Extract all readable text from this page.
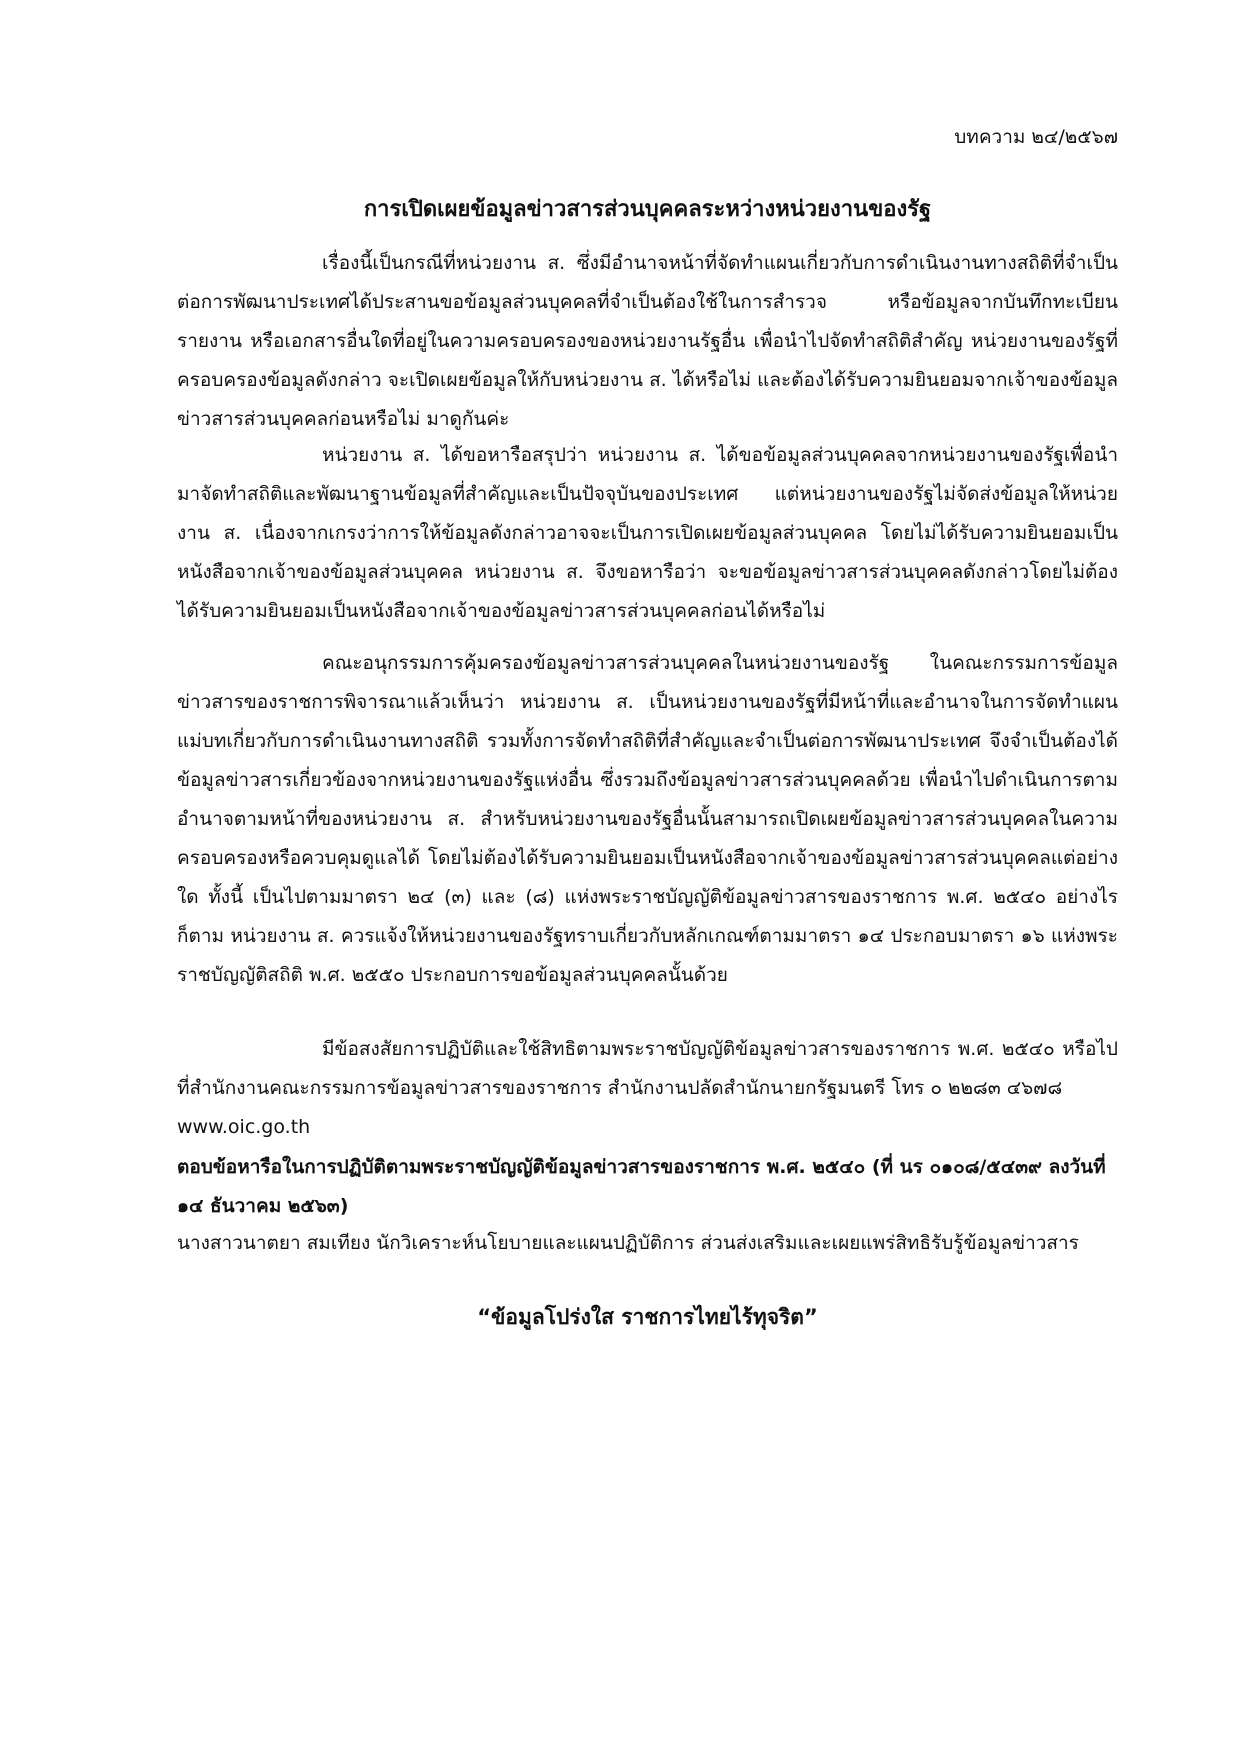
บทความ ๒๔/๒๕๖๗
การเปิดเผยข้อมูลข่าวสารส่วนบุคคลระหว่างหน่วยงานของรัฐ

เรื่องนี้เป็นกรณีที่หน่วยงาน ส. ซึ่งมีอำนาจหน้าที่จัดทำแผนเกี่ยวกับการดำเนินงานทางสถิติที่จำเป็นต่อการพัฒนาประเทศได้ประสานขอข้อมูลส่วนบุคคลที่จำเป็นต้องใช้ในการสำรวจ หรือข้อมูลจากบันทึกทะเบียน รายงาน หรือเอกสารอื่นใดที่อยู่ในความครอบครองของหน่วยงานรัฐอื่น เพื่อนำไปจัดทำสถิติสำคัญ หน่วยงานของรัฐที่ครอบครองข้อมูลดังกล่าว จะเปิดเผยข้อมูลให้กับหน่วยงาน ส. ได้หรือไม่ และต้องได้รับความยินยอมจากเจ้าของข้อมูลข่าวสารส่วนบุคคลก่อนหรือไม่ มาดูกันค่ะ

หน่วยงาน ส. ได้ขอหารือสรุปว่า หน่วยงาน ส. ได้ขอข้อมูลส่วนบุคคลจากหน่วยงานของรัฐเพื่อนำมาจัดทำสถิติและพัฒนาฐานข้อมูลที่สำคัญและเป็นปัจจุบันของประเทศ แต่หน่วยงานของรัฐไม่จัดส่งข้อมูลให้หน่วยงาน ส. เนื่องจากเกรงว่าการให้ข้อมูลดังกล่าวอาจจะเป็นการเปิดเผยข้อมูลส่วนบุคคล โดยไม่ได้รับความยินยอมเป็นหนังสือจากเจ้าของข้อมูลส่วนบุคคล หน่วยงาน ส. จึงขอหารือว่า จะขอข้อมูลข่าวสารส่วนบุคคลดังกล่าวโดยไม่ต้องได้รับความยินยอมเป็นหนังสือจากเจ้าของข้อมูลข่าวสารส่วนบุคคลก่อนได้หรือไม่

คณะอนุกรรมการคุ้มครองข้อมูลข่าวสารส่วนบุคคลในหน่วยงานของรัฐ ในคณะกรรมการข้อมูลข่าวสารของราชการพิจารณาแล้วเห็นว่า หน่วยงาน ส. เป็นหน่วยงานของรัฐที่มีหน้าที่และอำนาจในการจัดทำแผนแม่บทเกี่ยวกับการดำเนินงานทางสถิติ รวมทั้งการจัดทำสถิติที่สำคัญและจำเป็นต่อการพัฒนาประเทศ จึงจำเป็นต้องได้ข้อมูลข่าวสารเกี่ยวข้องจากหน่วยงานของรัฐแห่งอื่น ซึ่งรวมถึงข้อมูลข่าวสารส่วนบุคคลด้วย เพื่อนำไปดำเนินการตามอำนาจตามหน้าที่ของหน่วยงาน ส. สำหรับหน่วยงานของรัฐอื่นนั้นสามารถเปิดเผยข้อมูลข่าวสารส่วนบุคคลในความครอบครองหรือควบคุมดูแลได้ โดยไม่ต้องได้รับความยินยอมเป็นหนังสือจากเจ้าของข้อมูลข่าวสารส่วนบุคคลแต่อย่างใด ทั้งนี้ เป็นไปตามมาตรา ๒๔ (๓) และ (๘) แห่งพระราชบัญญัติข้อมูลข่าวสารของราชการ พ.ศ. ๒๕๔๐ อย่างไรก็ตาม หน่วยงาน ส. ควรแจ้งให้หน่วยงานของรัฐทราบเกี่ยวกับหลักเกณฑ์ตามมาตรา ๑๔ ประกอบมาตรา ๑๖ แห่งพระราชบัญญัติสถิติ พ.ศ. ๒๕๕๐ ประกอบการขอข้อมูลส่วนบุคคลนั้นด้วย

มีข้อสงสัยการปฏิบัติและใช้สิทธิตามพระราชบัญญัติข้อมูลข่าวสารของราชการ พ.ศ. ๒๕๔๐ หรือไปที่สำนักงานคณะกรรมการข้อมูลข่าวสารของราชการ สำนักงานปลัดสำนักนายกรัฐมนตรี โทร ๐ ๒๒๘๓ ๔๖๗๘

www.oic.go.th

ตอบข้อหารือในการปฏิบัติตามพระราชบัญญัติข้อมูลข่าวสารของราชการ พ.ศ. ๒๕๔๐ (ที่ นร ๐๑๐๘/๕๔๓๙ ลงวันที่ ๑๔ ธันวาคม ๒๕๖๓)

นางสาวนาตยา สมเทียง นักวิเคราะห์นโยบายและแผนปฏิบัติการ ส่วนส่งเสริมและเผยแพร่สิทธิรับรู้ข้อมูลข่าวสาร

“ข้อมูลโปร่งใส ราชการไทยไร้ทุจริต”
